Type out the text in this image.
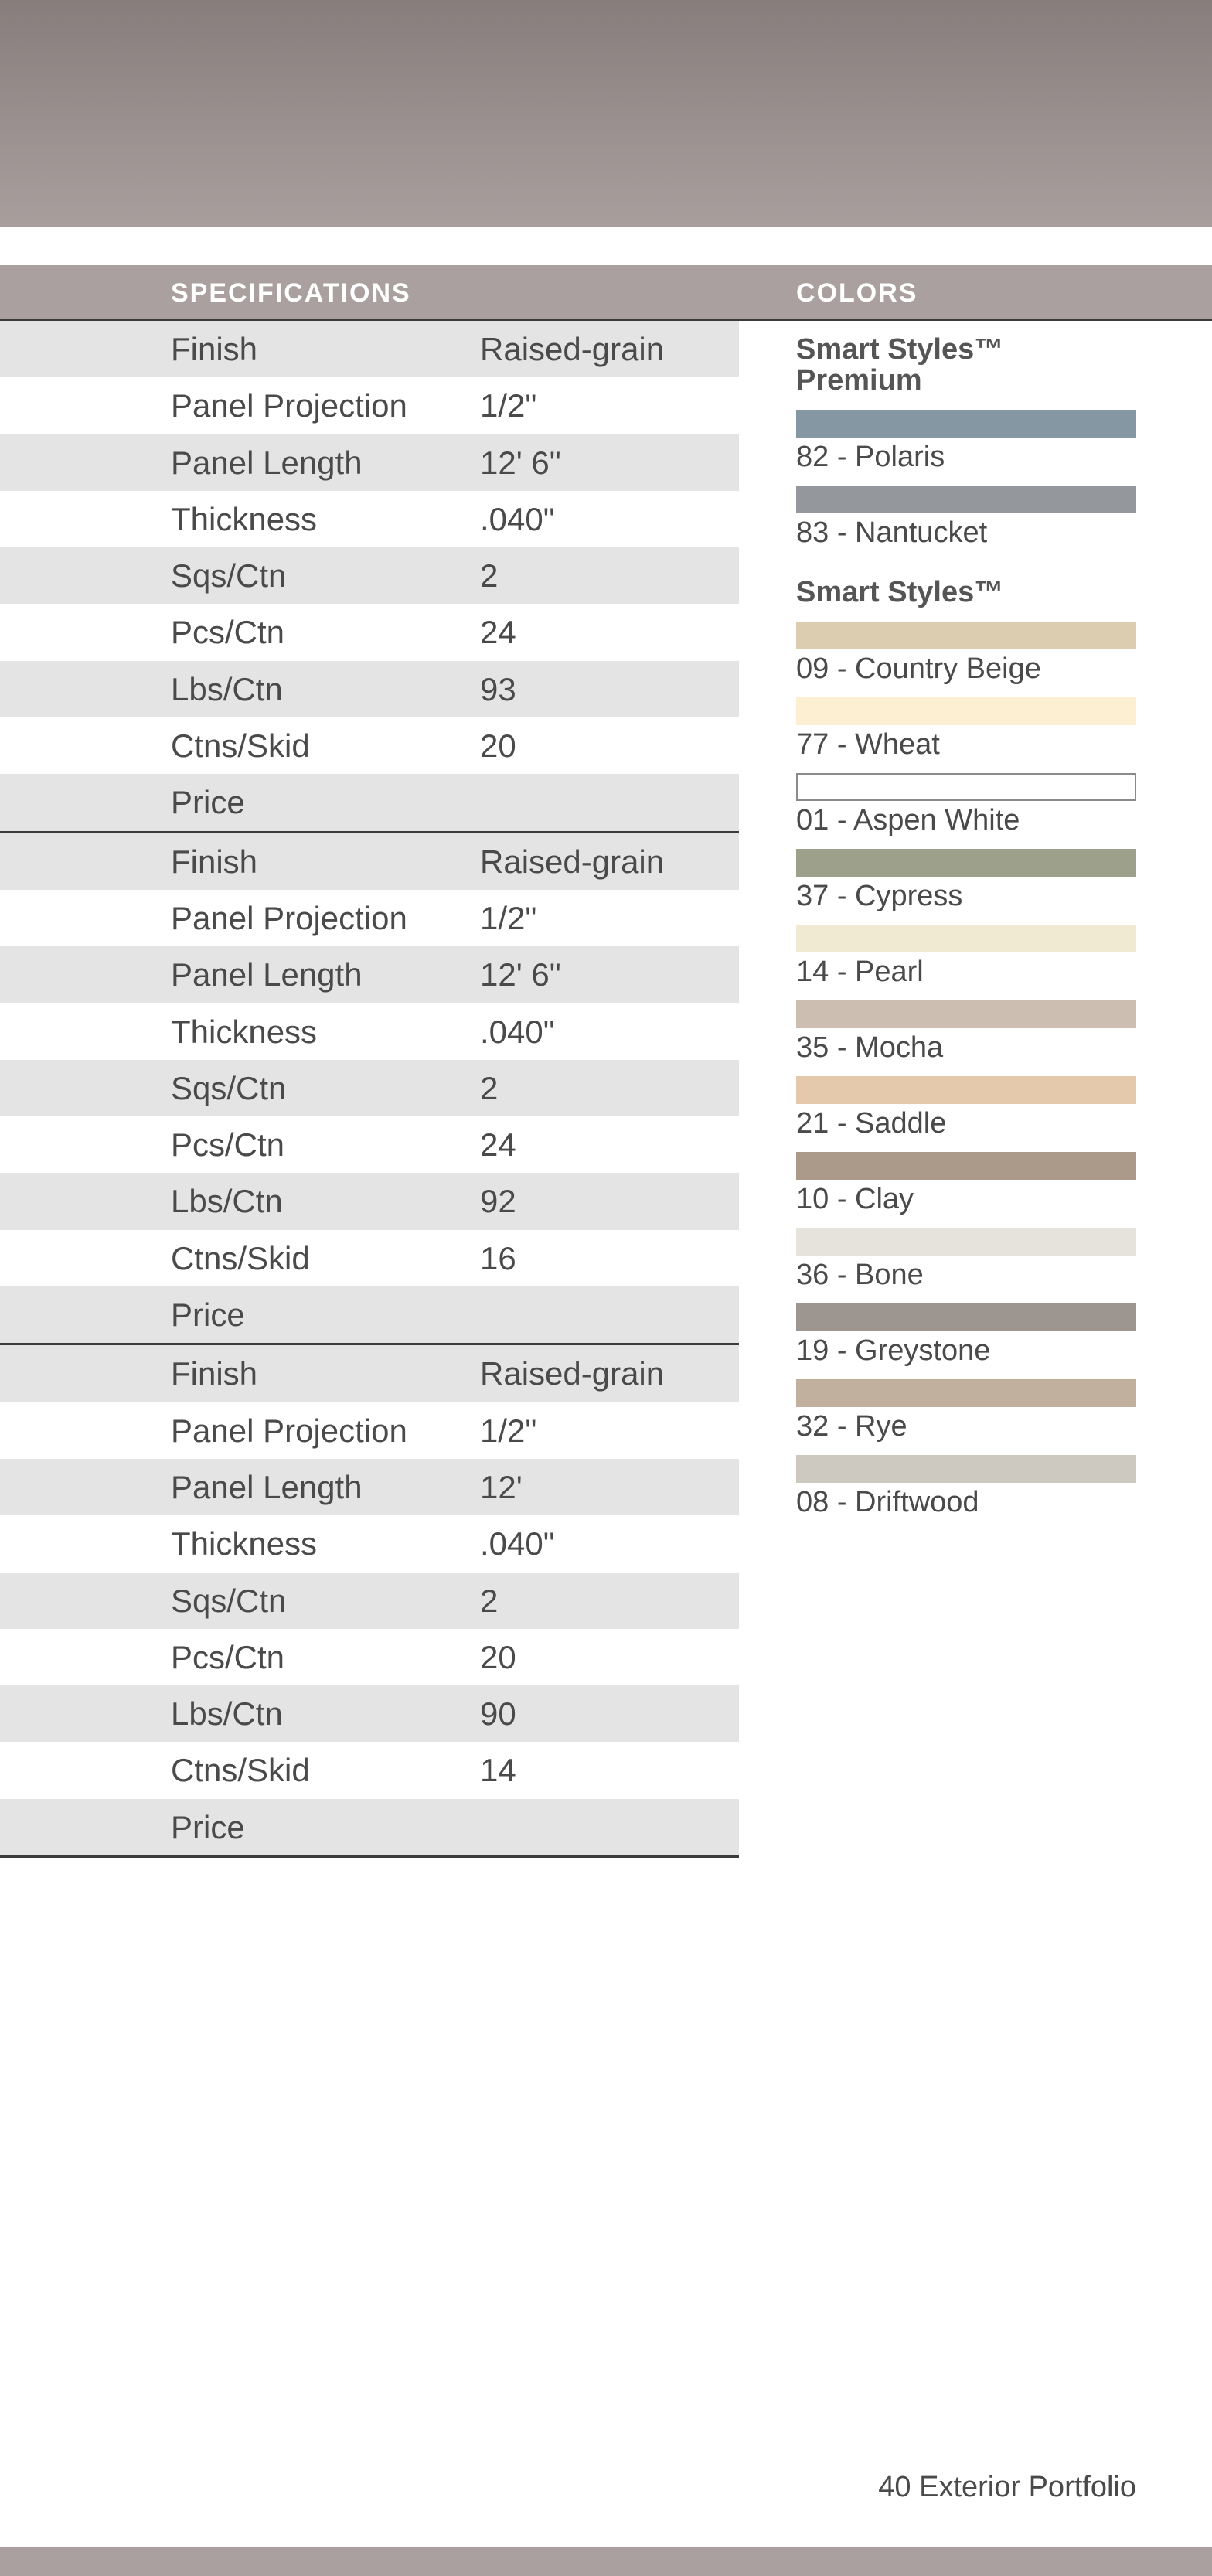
SPECIFICATIONS	COLORS
Finish	Raised-grain
Panel Projection 1/2"
Panel Length	12' 6"
Thickness	.040"
Sqs/Ctn	2
Pcs/Ctn	24
Lbs/Ctn	93
Ctns/Skid	20
Price
Finish	Raised-grain
Panel Projection 1/2"
Panel Length	12' 6"
Thickness	.040"
Sqs/Ctn	2
Pcs/Ctn	24
Lbs/Ctn	92
Ctns/Skid	16
Price
Finish	Raised-grain
Panel Projection 1/2"
Panel Length	12'
Thickness	.040"
Sqs/Ctn	2
Pcs/Ctn	20
Lbs/Ctn	90
Ctns/Skid	14
Price
Smart Styles™ Premium
82 - Polaris
83 - Nantucket
Smart Styles™
09 - Country Beige
77 - Wheat
01 - Aspen White
37 - Cypress
14 - Pearl
35 - Mocha
21 - Saddle
10 - Clay
36 - Bone
19 - Greystone
32 - Rye
08 - Driftwood
40 Exterior Portfolio
